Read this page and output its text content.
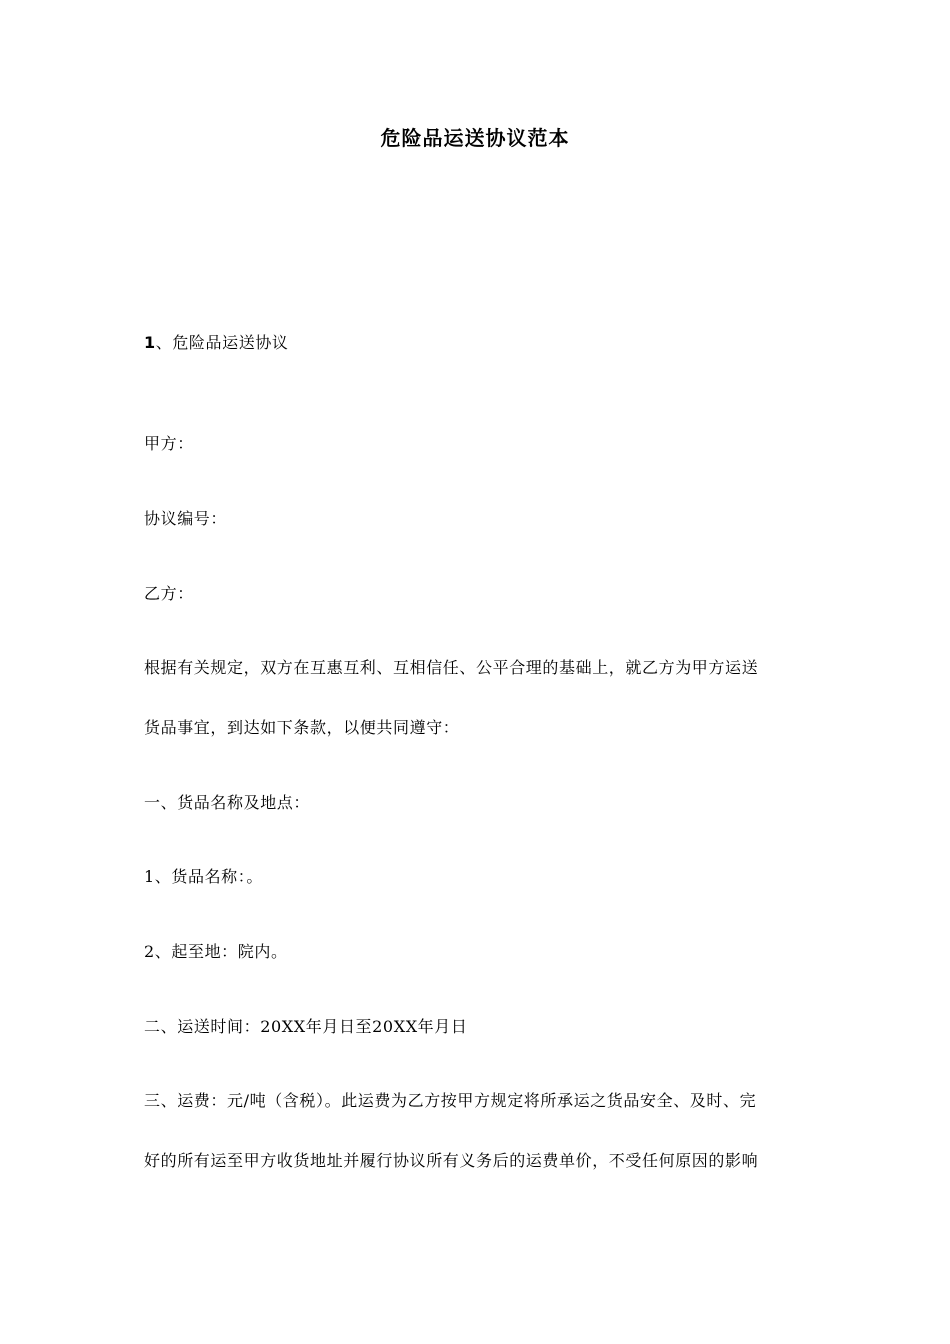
危险品运送协议范本
1、危险品运送协议
甲方：
协议编号：
乙方：
根据有关规定，双方在互惠互利、互相信任、公平合理的基础上，就乙方为甲方运送
货品事宜，到达如下条款，以便共同遵守：
一、货品名称及地点：
1、货品名称：。
2、起至地：院内。
二、运送时间：20XX年月日至20XX年月日
三、运费：元/吨（含税）。此运费为乙方按甲方规定将所承运之货品安全、及时、完
好的所有运至甲方收货地址并履行协议所有义务后的运费单价，不受任何原因的影响
